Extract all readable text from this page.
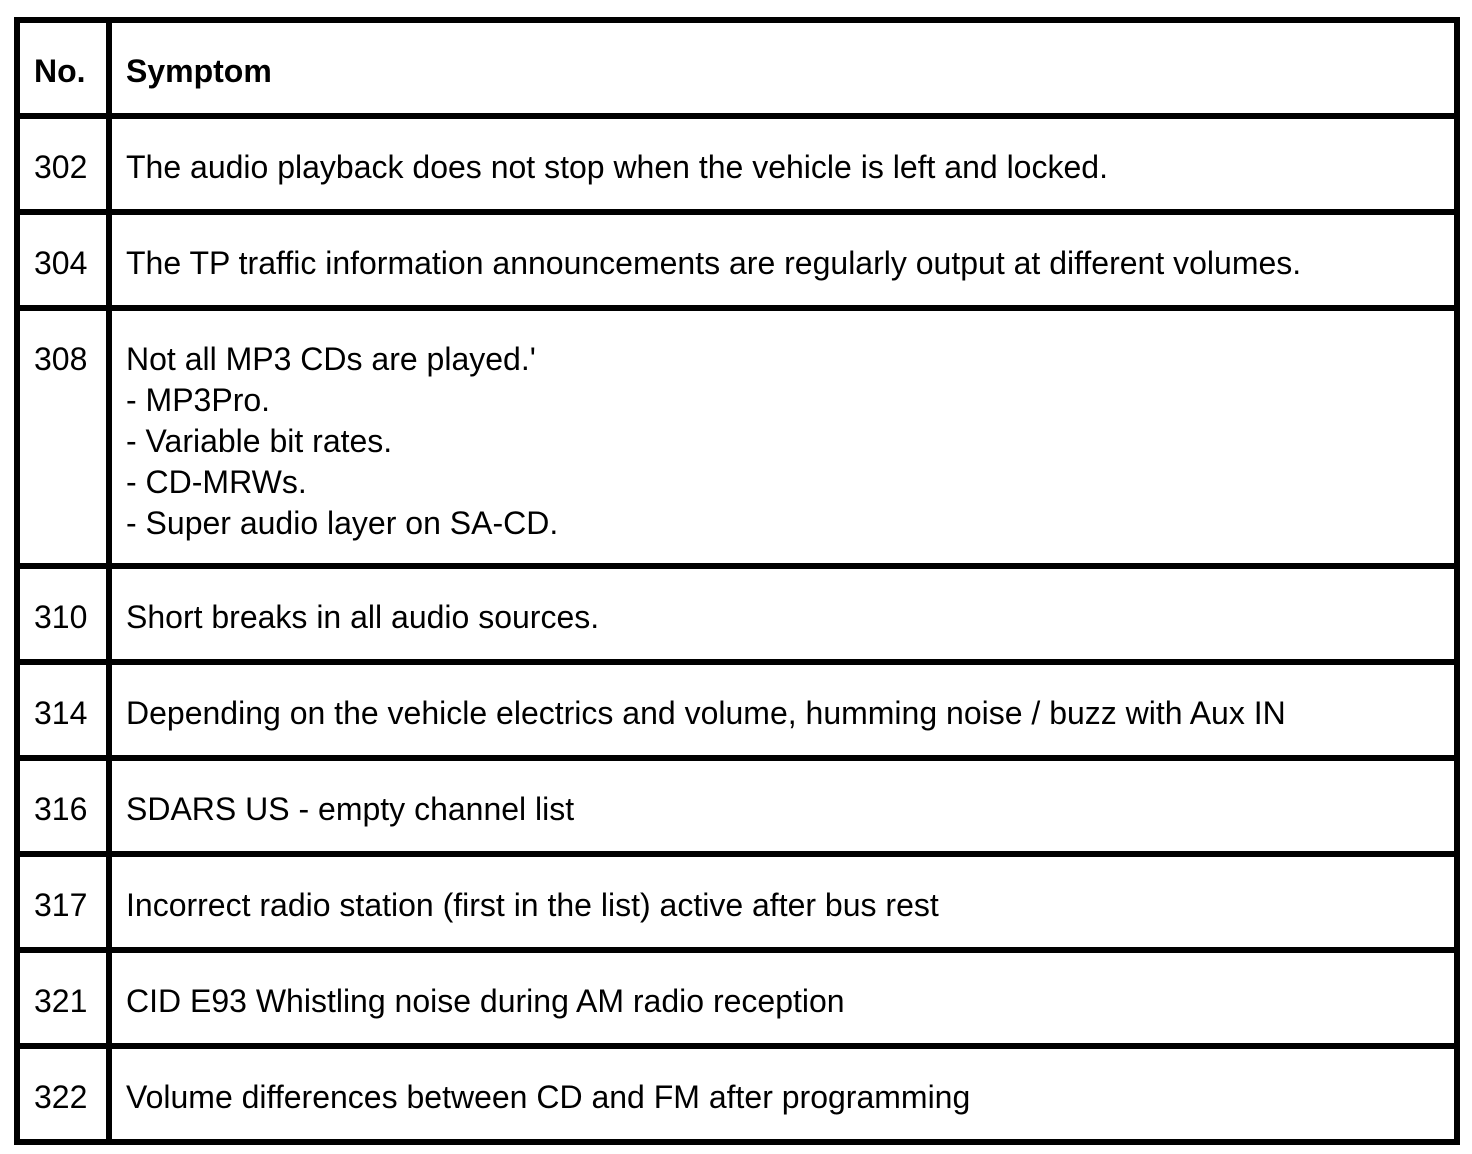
No.	Symptom
302	The audio playback does not stop when the vehicle is left and locked.
304	The TP traffic information announcements are regularly output at different volumes.
308	Not all MP3 CDs are played.'
- MP3Pro.
- Variable bit rates.
- CD-MRWs.
- Super audio layer on SA-CD.
310	Short breaks in all audio sources.
314	Depending on the vehicle electrics and volume, humming noise / buzz with Aux IN
316	SDARS US - empty channel list
317	Incorrect radio station (first in the list) active after bus rest
321	CID E93 Whistling noise during AM radio reception
322	Volume differences between CD and FM after programming
